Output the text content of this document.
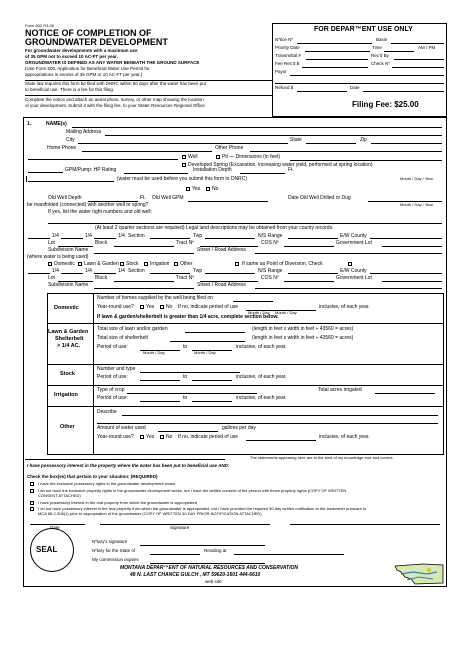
Form 602 R3-00
NOTICE OF COMPLETION OF
GROUNDWATER DEVELOPMENT
For groundwater developments with a maximum use
of 35 GPM not to exceed 10 AC-FT per year.
GROUNDWATER IS DEFINED AS ANY WATER BENEATH THE GROUND SURFACE
(Use Form 600, Application for Beneficial Water Use Permit for
appropriations in excess of 35 GPM or 10 AC-FT per year.)
State law requires this form be filed with DNRC within 60 days after the water has been put
to beneficial use. There is a fee for this filing.
Complete the notice and attach an aerial photo, survey, or other map showing the location
of your development. Submit it with the filing fee, to your Water Resources Regional Office.
FOR DEPAR™ENT USE ONLY
Nºtice Nº	Basin
Priority Date	Time	AM / PM
Transmittal #	Rec'd By
Fee Rec'd $	Check Nº
Payor
Refund $	Date
Filing Fee: $25.00
1.	NAME(s)
Mailing Address
City	State	Zip
Home Phone	Other Phone
Well	Pit — Dimensions (in feet)
Developed Spring (Excavation, increasing water yield, performed at spring location)
GPM/Pump: HP Rating	Installation Depth	Ft.
(water must be used before you submit this form to DNRC)	Month / Day / Year
Yes No
Old Well Depth	Ft. Old Well GPM	Date Old Well Drilled or Dug
be manifolded (connected) with another well or spring?	Month / Day / Year
If yes, list the water right numbers and old well:
(At least 2 quarter sections are required) Legal land descriptions may be obtained from your county records.
1/4	1/4	1/4 Section	Twp	N/S Range	E/W County
Lot	Block	Tract Nº	COS Nº	Government Lot
Subdivision Name	Street / Road Address
(where water is being used)
Domestic Lawn & Garden Stock Irrigation Other	If same as Point of Diversion, Check
1/4	1/4	1/4 Section	Twp	N/S Range	E/W County
Lot	Block	Tract Nº	COS Nº	Government Lot
Subdivision Name	Street / Road Address
Domestic
Number of homes supplied by the well being filed on
Year-round use? Yes No If no, indicate period of use	inclusive, of each year.
Month / Day Month / Day
If lawn & garden/shelterbelt is greater than 1/4 acre, complete section below.
Lawn & Garden
Shelterbelt
> 1/4 AC.
Total size of lawn and/or garden	(length in feet x width in feet ÷ 43560 = acres)
Total size of shelterbelt	(length in feet x width in feet ÷ 43560 = acres)
Period of use:	to	inclusive, of each year.
Month / Day	Month / Day
Stock
Number and type
Period of use:	to	inclusive, of each year.
Irrigation
Type of crop	Total acres irrigated
Period of use:	to	inclusive, of each year.
Other
Describe
Amount of water used	gallons per day
Year-round use? Yes No If no, indicate period of use	inclusive, of each year.
The statements appearing here are to the best of my knowledge true and correct.
I have possessory interest in the property where the water has been put to beneficial use AND:
Check the box(es) that pertain to your situation: (REQUIRED)
I have the exclusive possessory rights in the groundwater development works
I do not have the exclusive property rights in the groundwater development works, but I have the written consent of the person with those property rights (COPY OF WRITTEN
CONSENT ATTACHED)
I have possessory interest in the real property from which the groundwater is appropriated
I do not have possessory interest in the real property from which the groundwater is appropriated, but I have provided the required 30-day written notification to the landowner pursuant to
MCA 85-2-306(1) prior to appropriation of the groundwater (COPY OF WRITTEN 30-DAY PRIOR NOTIFICATION ATTACHED)
Date	Signature
SEAL
Nºtary's signature
Nºtary for the State of	Residing at
My commission expires
MONTANA DEPAR™ENT OF NATURAL RESOURCES AND CONSERVATION
48 N. LAST CHANCE GULCH , MT 59620-1601 444-6610
web site:
